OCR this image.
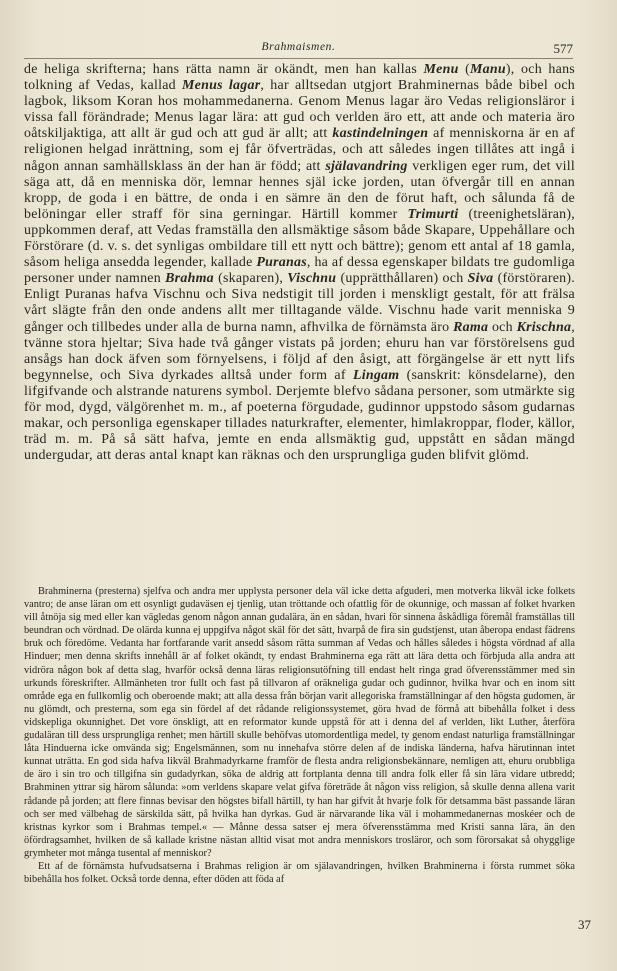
Brahmaismen.	577

de heliga skrifterna; hans rätta namn är okändt, men han kallas Menu (Manu), och hans tolkning af Vedas, kallad Menus lagar, har alltsedan utgjort Brahminernas både bibel och lagbok, liksom Koran hos mohammedanerna. Genom Menus lagar äro Vedas religionsläror i vissa fall förändrade; Menus lagar lära: att gud och verlden äro ett, att ande och materia äro oåtskiljaktiga, att allt är gud och att gud är allt; att kastindelningen af menniskorna är en af religionen helgad inrättning, som ej får öfverträdas, och att således ingen tillåtes att ingå i någon annan samhällsklass än der han är född; att själavandring verkligen eger rum, det vill säga att, då en menniska dör, lemnar hennes själ icke jorden, utan öfvergår till en annan kropp, de goda i en bättre, de onda i en sämre än den de förut haft, och sålunda få de belöningar eller straff för sina gerningar. Härtill kommer Trimurti (treenighetsläran), uppkommen deraf, att Vedas framställa den allsmäktige såsom både Skapare, Uppehållare och Förstörare (d. v. s. det synligas ombildare till ett nytt och bättre); genom ett antal af 18 gamla, såsom heliga ansedda legender, kallade Puranas, ha af dessa egenskaper bildats tre gudomliga personer under namnen Brahma (skaparen), Vischnu (upprätthållaren) och Siva (förstöraren). Enligt Puranas hafva Vischnu och Siva nedstigit till jorden i menskligt gestalt, för att frälsa vårt slägte från den onde andens allt mer tilltagande välde. Vischnu hade varit menniska 9 gånger och tillbedes under alla de burna namn, afhvilka de förnämsta äro Rama och Krischna, tvänne stora hjeltar; Siva hade två gånger vistats på jorden; ehuru han var förstörelsens gud ansågs han dock äfven som förnyelsens, i följd af den åsigt, att förgängelse är ett nytt lifs begynnelse, och Siva dyrkades alltså under form af Lingam (sanskrit: könsdelarne), den lifgifvande och alstrande naturens symbol. Derjemte blefvo sådana personer, som utmärkte sig för mod, dygd, välgörenhet m. m., af poeterna förgudade, gudinnor uppstodo såsom gudarnas makar, och personliga egenskaper tillades naturkrafter, elementer, himlakroppar, floder, källor, träd m. m. På så sätt hafva, jemte en enda allsmäktig gud, uppstått en sådan mängd undergudar, att deras antal knapt kan räknas och den ursprungliga guden blifvit glömd.

Brahminerna (presterna) sjelfva och andra mer upplysta personer dela väl icke detta afguderi, men motverka likväl icke folkets vantro; de anse läran om ett osynligt gudaväsen ej tjenlig, utan tröttande och ofattlig för de okunnige, och massan af folket hvarken vill åtnöja sig med eller kan vägledas genom någon annan gudalära, än en sådan, hvari för sinnena åskådliga föremål framställas till beundran och vördnad. De olärda kunna ej uppgifva något skäl för det sätt, hvarpå de fira sin gudstjenst, utan åberopa endast fädrens bruk och föredöme. Vedanta har fortfarande varit ansedd såsom rätta summan af Vedas och hålles således i högsta vördnad af alla Hinduer; men denna skrifts innehåll är af folket okändt, ty endast Brahminerna ega rätt att lära detta och förbjuda alla andra att vidröra någon bok af detta slag, hvarför också denna läras religionsutöfning till endast helt ringa grad öfverensstämmer med sin urkunds föreskrifter. Allmänheten tror fullt och fast på tillvaron af oräkneliga gudar och gudinnor, hvilka hvar och en inom sitt område ega en fullkomlig och oberoende makt; att alla dessa från början varit allegoriska framställningar af den högsta gudomen, är nu glömdt, och presterna, som ega sin fördel af det rådande religionssystemet, göra hvad de förmå att bibehålla folket i dess vidskepliga okunnighet. Det vore önskligt, att en reformator kunde uppstå för att i denna del af verlden, likt Luther, återföra gudaläran till dess ursprungliga renhet; men härtill skulle behöfvas utomordentliga medel, ty genom endast naturliga framställningar låta Hinduerna icke omvända sig; Engelsmännen, som nu innehafva större delen af de indiska länderna, hafva härutinnan intet kunnat uträtta. En god sida hafva likväl Brahmadyrkarne framför de flesta andra religionsbekännare, nemligen att, ehuru orubbliga de äro i sin tro och tillgifna sin gudadyrkan, söka de aldrig att fortplanta denna till andra folk eller få sin lära vidare utbredd; Brahminen yttrar sig härom sålunda: »om verldens skapare velat gifva företräde åt någon viss religion, så skulle denna allena varit rådande på jorden; att flere finnas bevisar den högstes bifall härtill, ty han har gifvit åt hvarje folk för detsamma bäst passande läran och ser med välbehag de särskilda sätt, på hvilka han dyrkas. Gud är närvarande lika väl i mohammedanernas moskéer och de kristnas kyrkor som i Brahmas tempel.« — Månne dessa satser ej mera öfverensstämma med Kristi sanna lära, än den öfördragsamhet, hvilken de så kallade kristne nästan alltid visat mot andra menniskors trosläror, och som förorsakat så ohygglige grymheter mot många tusental af menniskor?

Ett af de förnämsta hufvudsatserna i Brahmas religion är om själavandringen, hvilken Brahminerna i första rummet söka bibehålla hos folket. Också torde denna, efter döden att föda af

37
